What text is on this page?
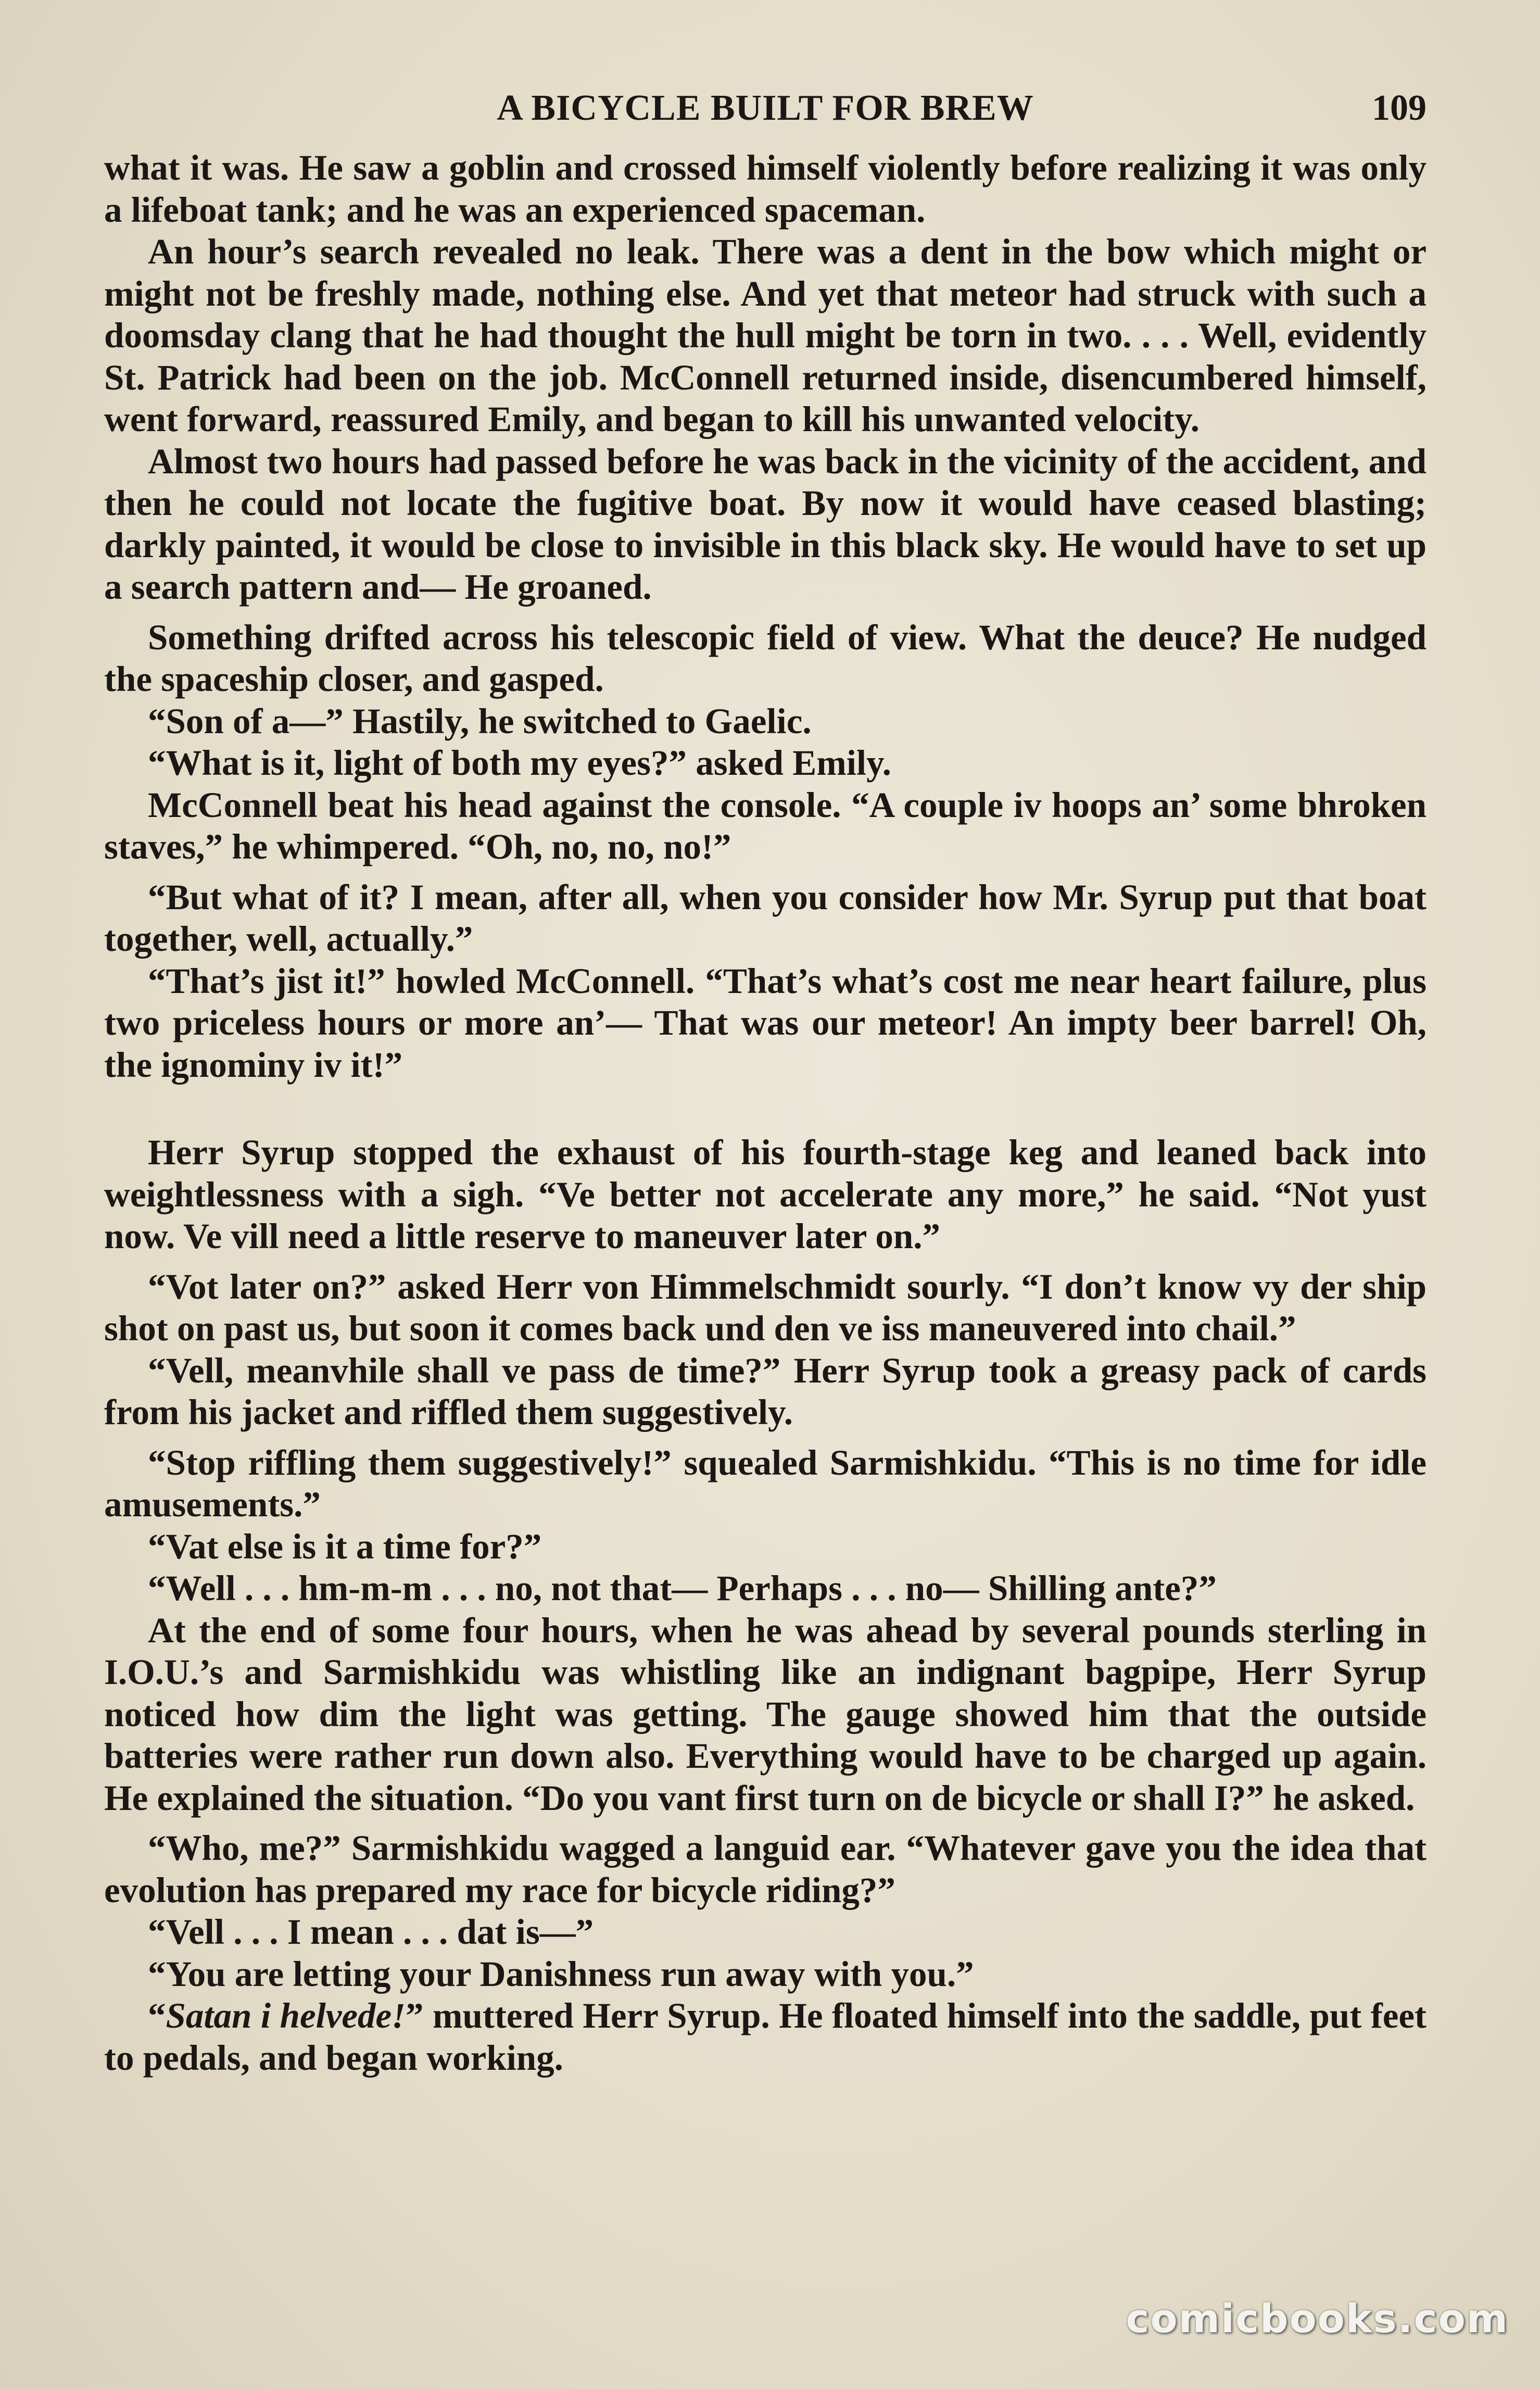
A BICYCLE BUILT FOR BREW	109

what it was. He saw a goblin and crossed himself violently before realizing it was only a lifeboat tank; and he was an experienced spaceman.

An hour’s search revealed no leak. There was a dent in the bow which might or might not be freshly made, nothing else. And yet that meteor had struck with such a doomsday clang that he had thought the hull might be torn in two. . . . Well, evidently St. Patrick had been on the job. McConnell returned inside, disencumbered himself, went forward, reassured Emily, and began to kill his unwanted velocity.

Almost two hours had passed before he was back in the vicinity of the accident, and then he could not locate the fugitive boat. By now it would have ceased blasting; darkly painted, it would be close to invisible in this black sky. He would have to set up a search pattern and— He groaned.

Something drifted across his telescopic field of view. What the deuce? He nudged the spaceship closer, and gasped.

“Son of a—” Hastily, he switched to Gaelic.

“What is it, light of both my eyes?” asked Emily.

McConnell beat his head against the console. “A couple iv hoops an’ some bhroken staves,” he whimpered. “Oh, no, no, no!”

“But what of it? I mean, after all, when you consider how Mr. Syrup put that boat together, well, actually.”

“That’s jist it!” howled McConnell. “That’s what’s cost me near heart failure, plus two priceless hours or more an’— That was our meteor! An impty beer barrel! Oh, the ignominy iv it!”

Herr Syrup stopped the exhaust of his fourth-stage keg and leaned back into weightlessness with a sigh. “Ve better not accelerate any more,” he said. “Not yust now. Ve vill need a little reserve to maneuver later on.”

“Vot later on?” asked Herr von Himmelschmidt sourly. “I don’t know vy der ship shot on past us, but soon it comes back und den ve iss maneuvered into chail.”

“Vell, meanvhile shall ve pass de time?” Herr Syrup took a greasy pack of cards from his jacket and riffled them suggestively.

“Stop riffling them suggestively!” squealed Sarmishkidu. “This is no time for idle amusements.”

“Vat else is it a time for?”

“Well . . . hm-m-m . . . no, not that— Perhaps . . . no— Shilling ante?”

At the end of some four hours, when he was ahead by several pounds sterling in I.O.U.’s and Sarmishkidu was whistling like an indignant bagpipe, Herr Syrup noticed how dim the light was getting. The gauge showed him that the outside batteries were rather run down also. Everything would have to be charged up again. He explained the situation. “Do you vant first turn on de bicycle or shall I?” he asked.

“Who, me?” Sarmishkidu wagged a languid ear. “Whatever gave you the idea that evolution has prepared my race for bicycle riding?”

“Vell . . . I mean . . . dat is—”

“You are letting your Danishness run away with you.”

“Satan i helvede!” muttered Herr Syrup. He floated himself into the saddle, put feet to pedals, and began working.

comicbooks.com
